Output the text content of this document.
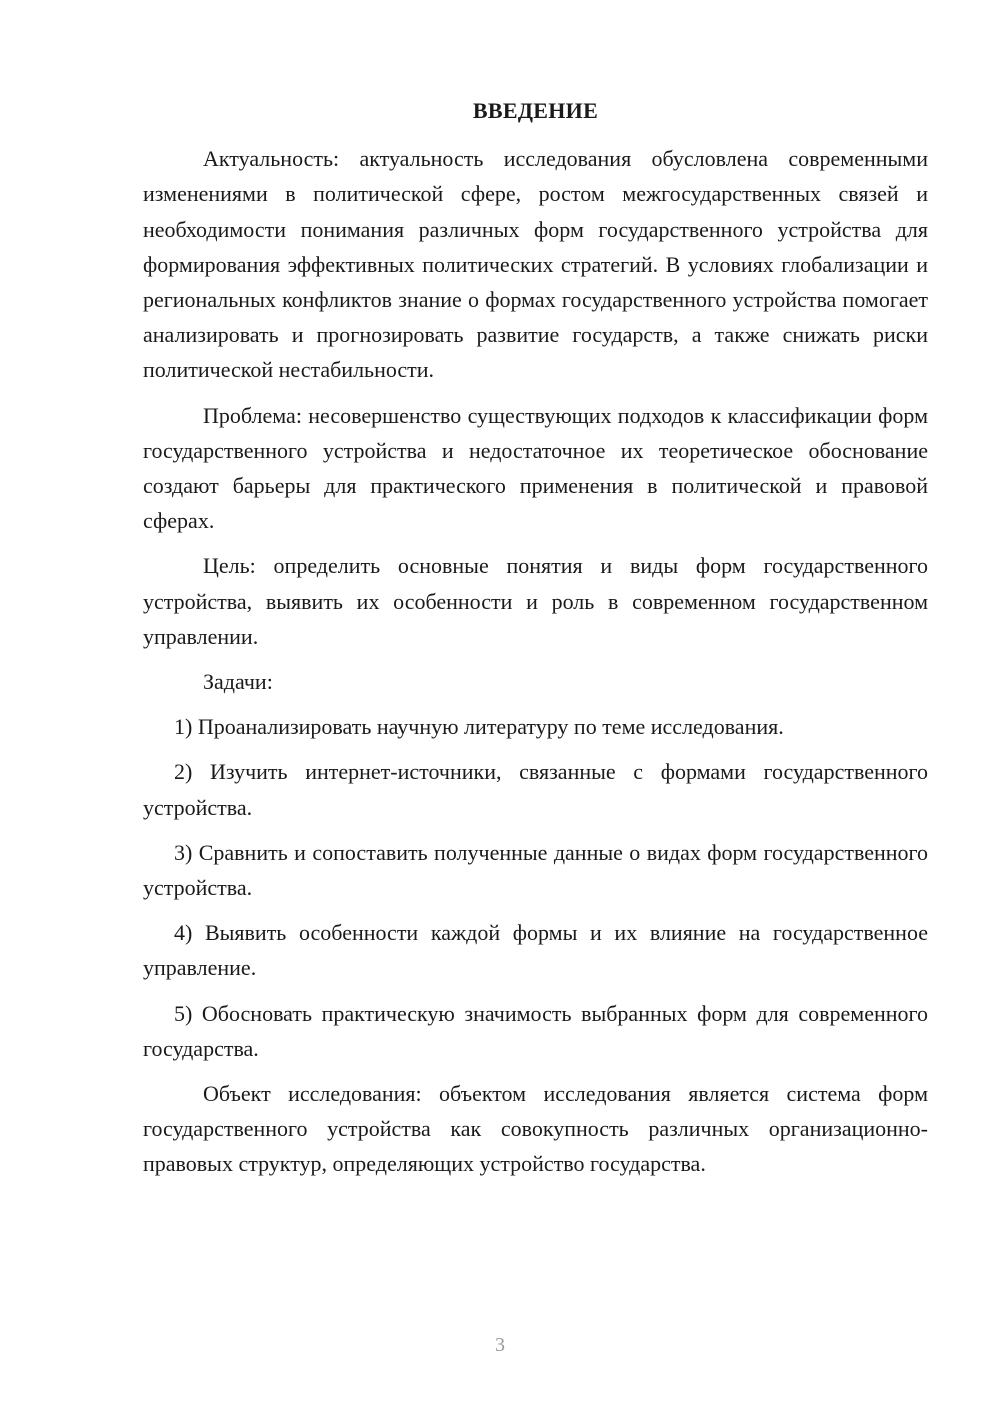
ВВЕДЕНИЕ

Актуальность: актуальность исследования обусловлена современными изменениями в политической сфере, ростом межгосударственных связей и необходимости понимания различных форм государственного устройства для формирования эффективных политических стратегий. В условиях глобализации и региональных конфликтов знание о формах государственного устройства помогает анализировать и прогнозировать развитие государств, а также снижать риски политической нестабильности.

Проблема: несовершенство существующих подходов к классификации форм государственного устройства и недостаточное их теоретическое обоснование создают барьеры для практического применения в политической и правовой сферах.

Цель: определить основные понятия и виды форм государственного устройства, выявить их особенности и роль в современном государственном управлении.

Задачи:

1) Проанализировать научную литературу по теме исследования.

2) Изучить интернет-источники, связанные с формами государственного устройства.

3) Сравнить и сопоставить полученные данные о видах форм государственного устройства.

4) Выявить особенности каждой формы и их влияние на государственное управление.

5) Обосновать практическую значимость выбранных форм для современного государства.

Объект исследования: объектом исследования является система форм государственного устройства как совокупность различных организационно-правовых структур, определяющих устройство государства.

3
